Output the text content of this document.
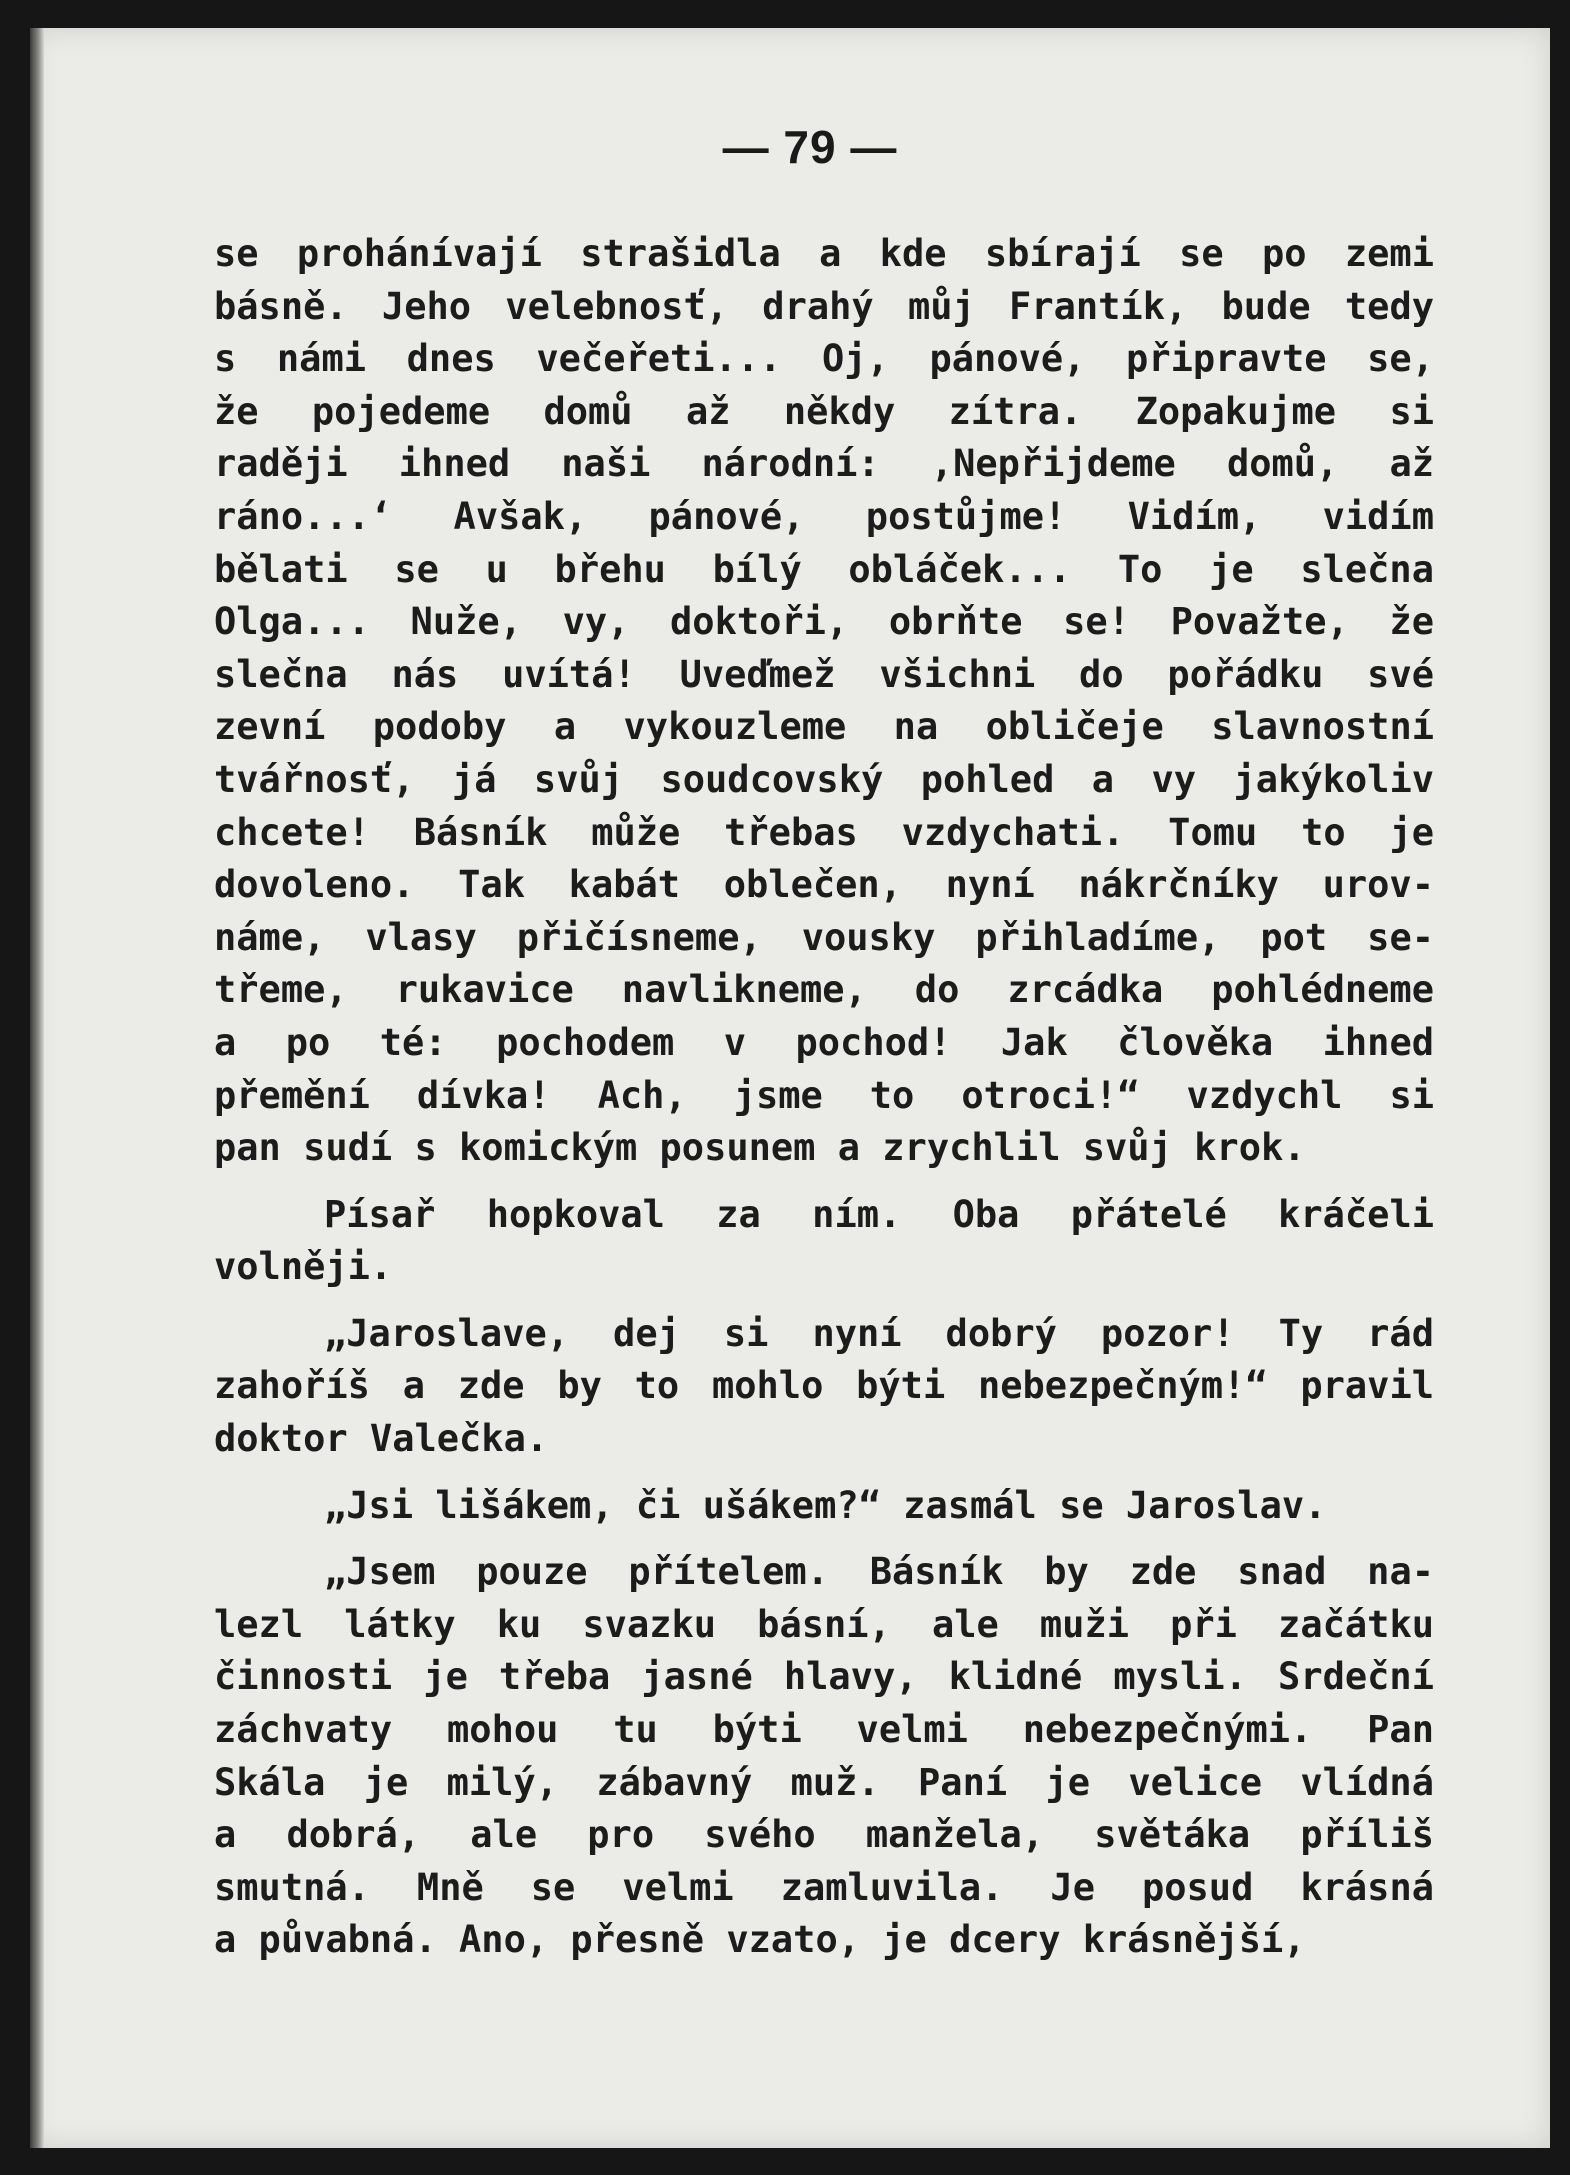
— 79 —
se prohánívají strašidla a kde sbírají se po zemi
básně. Jeho velebnosť, drahý můj Frantík, bude tedy
s námi dnes večeřeti... Oj, pánové, připravte se,
že pojedeme domů až někdy zítra. Zopakujme si
raději ihned naši národní: ‚Nepřijdeme domů, až
ráno...‘ Avšak, pánové, postůjme! Vidím, vidím
bělati se u břehu bílý obláček... To je slečna
Olga... Nuže, vy, doktoři, obrňte se! Považte, že
slečna nás uvítá! Uveďmež všichni do pořádku své
zevní podoby a vykouzleme na obličeje slavnostní
tvářnosť, já svůj soudcovský pohled a vy jakýkoliv
chcete! Básník může třebas vzdychati. Tomu to je
dovoleno. Tak kabát oblečen, nyní nákrčníky urov-
náme, vlasy přičísneme, vousky přihladíme, pot se-
třeme, rukavice navlikneme, do zrcádka pohlédneme
a po té: pochodem v pochod! Jak člověka ihned
přemění dívka! Ach, jsme to otroci!“ vzdychl si
pan sudí s komickým posunem a zrychlil svůj krok.
Písař hopkoval za ním. Oba přátelé kráčeli
volněji.
„Jaroslave, dej si nyní dobrý pozor! Ty rád
zahoříš a zde by to mohlo býti nebezpečným!“ pravil
doktor Valečka.
„Jsi lišákem, či ušákem?“ zasmál se Jaroslav.
„Jsem pouze přítelem. Básník by zde snad na-
lezl látky ku svazku básní, ale muži při začátku
činnosti je třeba jasné hlavy, klidné mysli. Srdeční
záchvaty mohou tu býti velmi nebezpečnými. Pan
Skála je milý, zábavný muž. Paní je velice vlídná
a dobrá, ale pro svého manžela, světáka příliš
smutná. Mně se velmi zamluvila. Je posud krásná
a půvabná. Ano, přesně vzato, je dcery krásnější,
